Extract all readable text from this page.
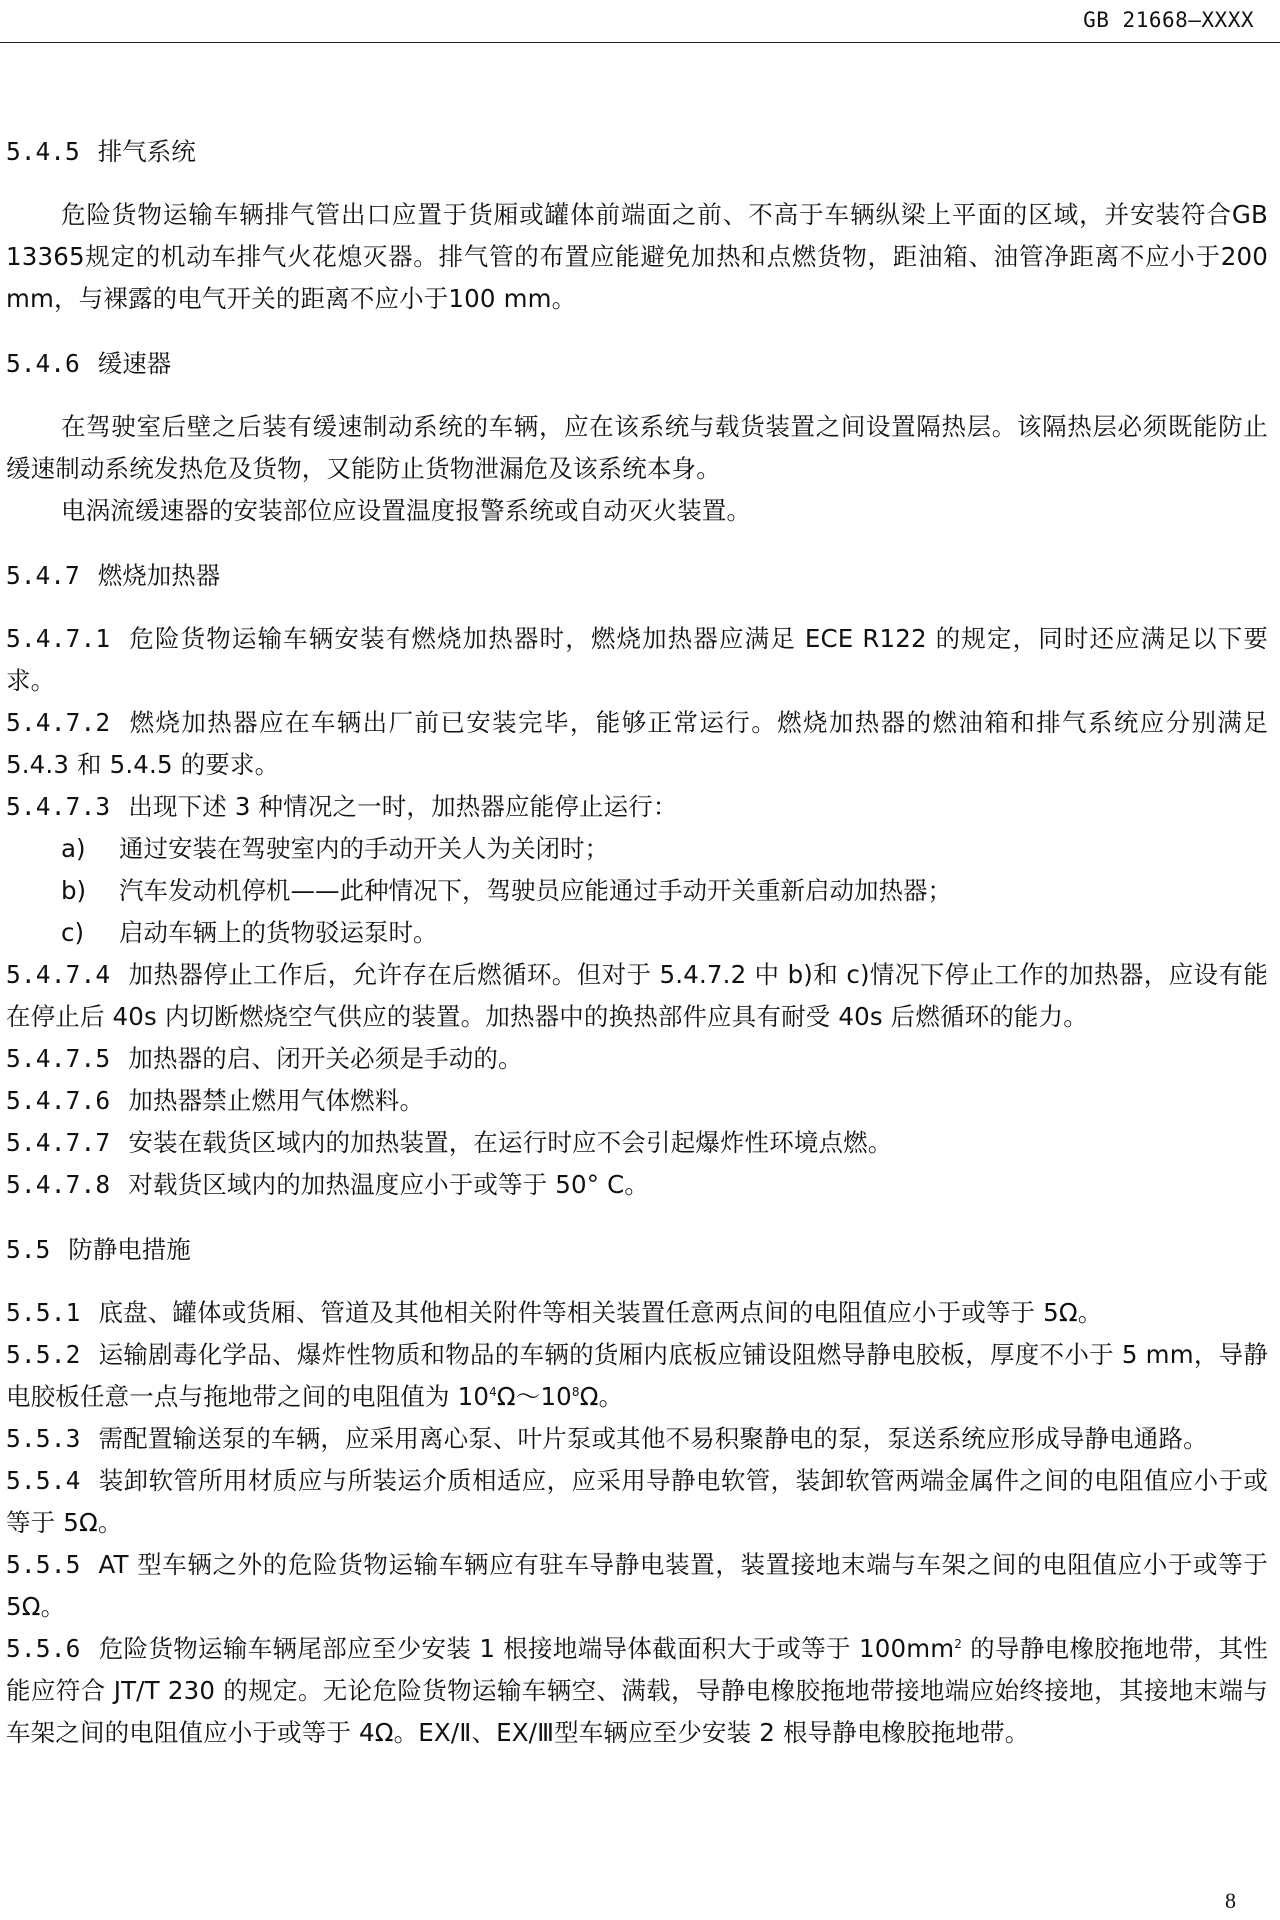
GB 21668—XXXX
5.4.5 排气系统

危险货物运输车辆排气管出口应置于货厢或罐体前端面之前、不高于车辆纵梁上平面的区域，并安装符合GB 13365规定的机动车排气火花熄灭器。排气管的布置应能避免加热和点燃货物，距油箱、油管净距离不应小于200 mm，与裸露的电气开关的距离不应小于100 mm。

5.4.6 缓速器

在驾驶室后壁之后装有缓速制动系统的车辆，应在该系统与载货装置之间设置隔热层。该隔热层必须既能防止缓速制动系统发热危及货物，又能防止货物泄漏危及该系统本身。

电涡流缓速器的安装部位应设置温度报警系统或自动灭火装置。

5.4.7 燃烧加热器

5.4.7.1 危险货物运输车辆安装有燃烧加热器时，燃烧加热器应满足 ECE R122 的规定，同时还应满足以下要求。

5.4.7.2 燃烧加热器应在车辆出厂前已安装完毕，能够正常运行。燃烧加热器的燃油箱和排气系统应分别满足 5.4.3 和 5.4.5 的要求。

5.4.7.3 出现下述 3 种情况之一时，加热器应能停止运行：

a) 通过安装在驾驶室内的手动开关人为关闭时；
b) 汽车发动机停机——此种情况下，驾驶员应能通过手动开关重新启动加热器；
c) 启动车辆上的货物驳运泵时。

5.4.7.4 加热器停止工作后，允许存在后燃循环。但对于 5.4.7.2 中 b)和 c)情况下停止工作的加热器，应设有能在停止后 40s 内切断燃烧空气供应的装置。加热器中的换热部件应具有耐受 40s 后燃循环的能力。

5.4.7.5 加热器的启、闭开关必须是手动的。

5.4.7.6 加热器禁止燃用气体燃料。

5.4.7.7 安装在载货区域内的加热装置，在运行时应不会引起爆炸性环境点燃。

5.4.7.8 对载货区域内的加热温度应小于或等于 50° C。

5.5 防静电措施

5.5.1 底盘、罐体或货厢、管道及其他相关附件等相关装置任意两点间的电阻值应小于或等于 5Ω。

5.5.2 运输剧毒化学品、爆炸性物质和物品的车辆的货厢内底板应铺设阻燃导静电胶板，厚度不小于 5 mm，导静电胶板任意一点与拖地带之间的电阻值为 $10^4\Omega\sim 10^8\Omega$。

5.5.3 需配置输送泵的车辆，应采用离心泵、叶片泵或其他不易积聚静电的泵，泵送系统应形成导静电通路。

5.5.4 装卸软管所用材质应与所装运介质相适应，应采用导静电软管，装卸软管两端金属件之间的电阻值应小于或等于 5Ω。

5.5.5 AT 型车辆之外的危险货物运输车辆应有驻车导静电装置，装置接地末端与车架之间的电阻值应小于或等于 5Ω。

5.5.6 危险货物运输车辆尾部应至少安装 1 根接地端导体截面积大于或等于 $100mm^2$ 的导静电橡胶拖地带，其性能应符合 JT/T 230 的规定。无论危险货物运输车辆空、满载，导静电橡胶拖地带接地端应始终接地，其接地末端与车架之间的电阻值应小于或等于 4Ω。EX/Ⅱ、EX/Ⅲ型车辆应至少安装 2 根导静电橡胶拖地带。

8
